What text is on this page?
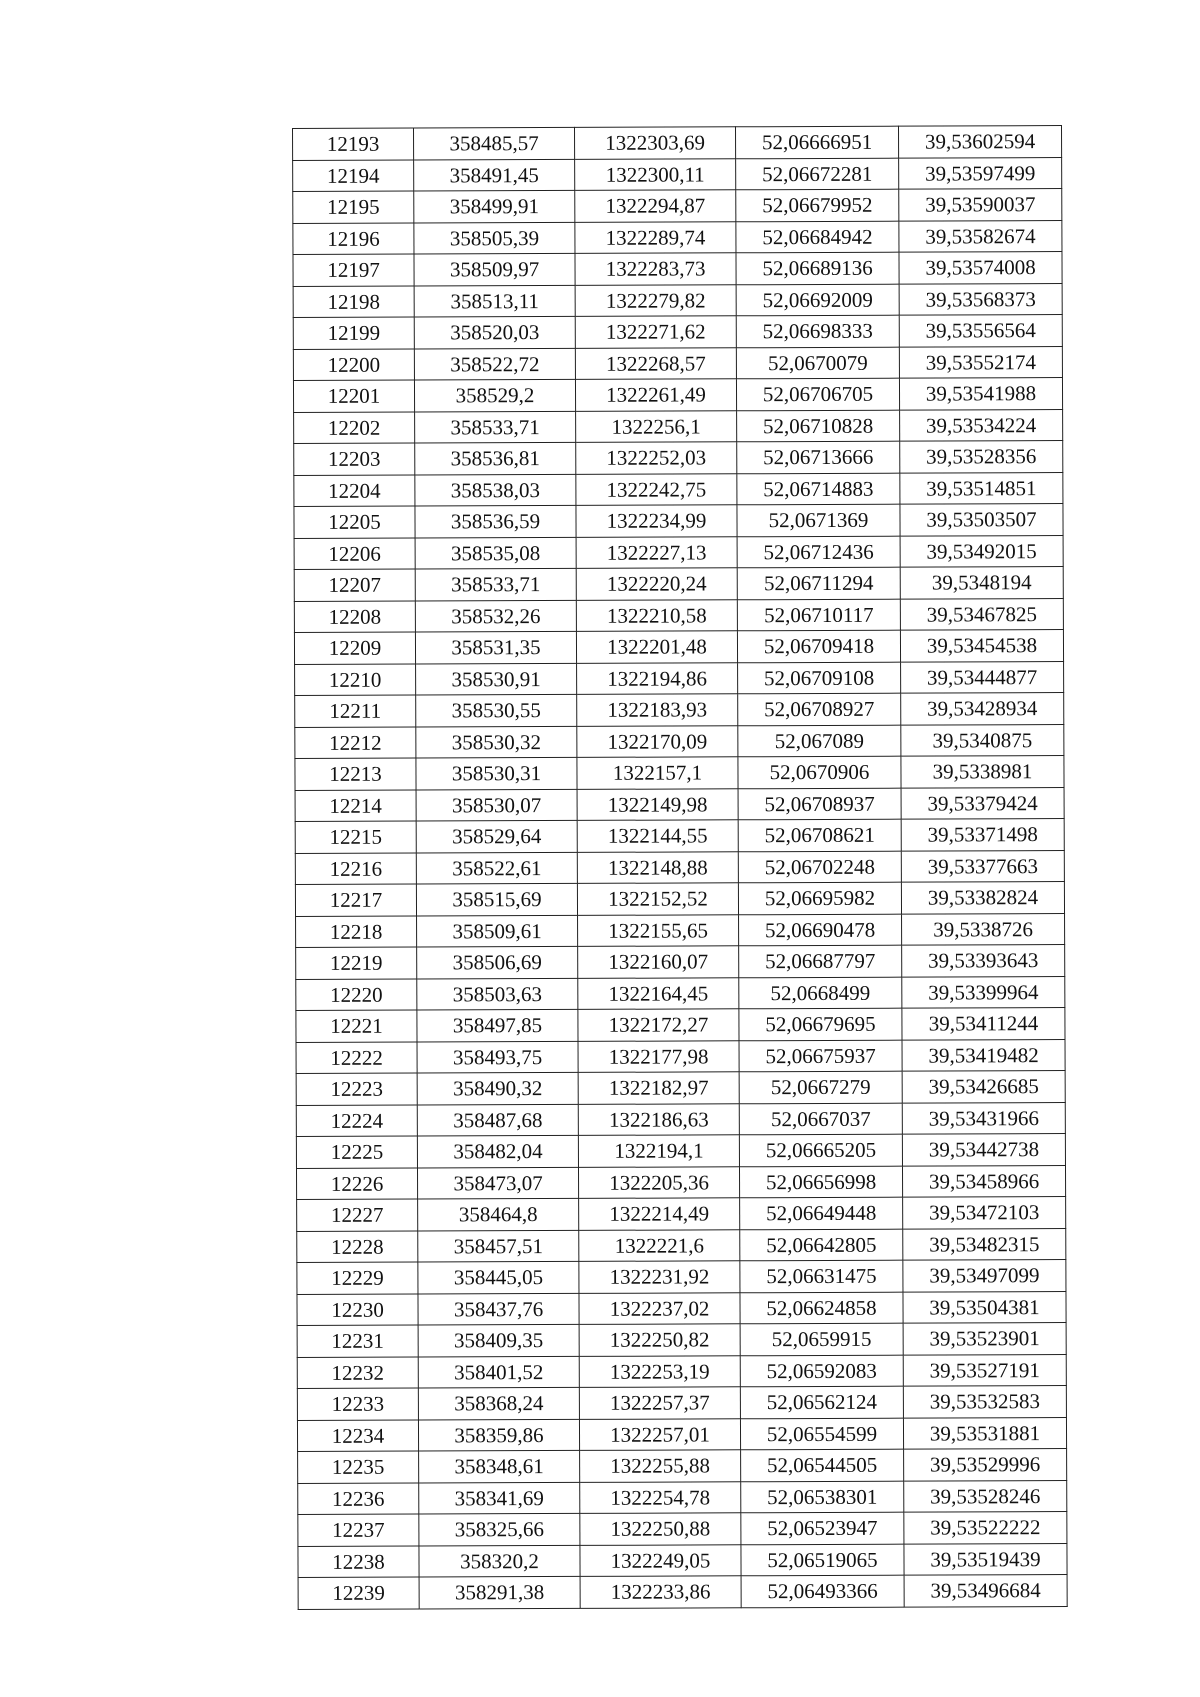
12193	358485,57	1322303,69	52,06666951	39,53602594
12194	358491,45	1322300,11	52,06672281	39,53597499
12195	358499,91	1322294,87	52,06679952	39,53590037
12196	358505,39	1322289,74	52,06684942	39,53582674
12197	358509,97	1322283,73	52,06689136	39,53574008
12198	358513,11	1322279,82	52,06692009	39,53568373
12199	358520,03	1322271,62	52,06698333	39,53556564
12200	358522,72	1322268,57	52,0670079	39,53552174
12201	358529,2	1322261,49	52,06706705	39,53541988
12202	358533,71	1322256,1	52,06710828	39,53534224
12203	358536,81	1322252,03	52,06713666	39,53528356
12204	358538,03	1322242,75	52,06714883	39,53514851
12205	358536,59	1322234,99	52,0671369	39,53503507
12206	358535,08	1322227,13	52,06712436	39,53492015
12207	358533,71	1322220,24	52,06711294	39,5348194
12208	358532,26	1322210,58	52,06710117	39,53467825
12209	358531,35	1322201,48	52,06709418	39,53454538
12210	358530,91	1322194,86	52,06709108	39,53444877
12211	358530,55	1322183,93	52,06708927	39,53428934
12212	358530,32	1322170,09	52,067089	39,5340875
12213	358530,31	1322157,1	52,0670906	39,5338981
12214	358530,07	1322149,98	52,06708937	39,53379424
12215	358529,64	1322144,55	52,06708621	39,53371498
12216	358522,61	1322148,88	52,06702248	39,53377663
12217	358515,69	1322152,52	52,06695982	39,53382824
12218	358509,61	1322155,65	52,06690478	39,5338726
12219	358506,69	1322160,07	52,06687797	39,53393643
12220	358503,63	1322164,45	52,0668499	39,53399964
12221	358497,85	1322172,27	52,06679695	39,53411244
12222	358493,75	1322177,98	52,06675937	39,53419482
12223	358490,32	1322182,97	52,0667279	39,53426685
12224	358487,68	1322186,63	52,0667037	39,53431966
12225	358482,04	1322194,1	52,06665205	39,53442738
12226	358473,07	1322205,36	52,06656998	39,53458966
12227	358464,8	1322214,49	52,06649448	39,53472103
12228	358457,51	1322221,6	52,06642805	39,53482315
12229	358445,05	1322231,92	52,06631475	39,53497099
12230	358437,76	1322237,02	52,06624858	39,53504381
12231	358409,35	1322250,82	52,0659915	39,53523901
12232	358401,52	1322253,19	52,06592083	39,53527191
12233	358368,24	1322257,37	52,06562124	39,53532583
12234	358359,86	1322257,01	52,06554599	39,53531881
12235	358348,61	1322255,88	52,06544505	39,53529996
12236	358341,69	1322254,78	52,06538301	39,53528246
12237	358325,66	1322250,88	52,06523947	39,53522222
12238	358320,2	1322249,05	52,06519065	39,53519439
12239	358291,38	1322233,86	52,06493366	39,53496684
